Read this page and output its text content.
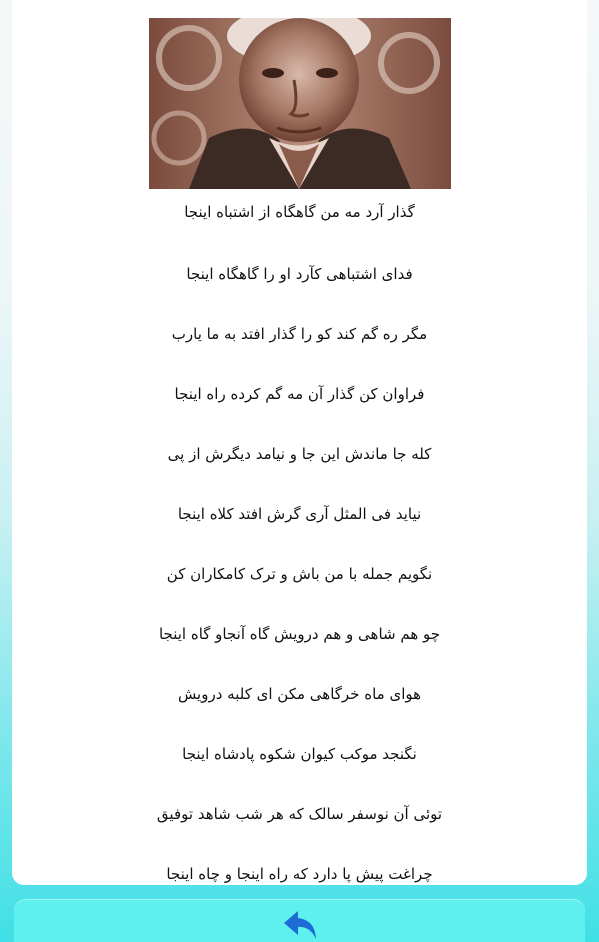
گذار آرد مه من گاهگاه از اشتباه اینجا
فدای اشتباهی کآرد او را گاهگاه اینجا
مگر ره گم کند کو را گذار افتد به ما یارب
فراوان کن گذار آن مه گم کرده راه اینجا
کله جا ماندش این جا و نیامد دیگرش از پی
نیاید فی المثل آری گرش افتد کلاه اینجا
نگویم جمله با من باش و ترک کامکاران کن
چو هم شاهی و هم درویش گاه آنجاو گاه اینجا
هوای ماه خرگاهی مکن ای کلبه درویش
نگنجد موکب کیوان شکوه پادشاه اینجا
توئی آن نوسفر سالک که هر شب شاهد توفیق
چراغت پیش پا دارد که راه اینجا و چاه اینجا
